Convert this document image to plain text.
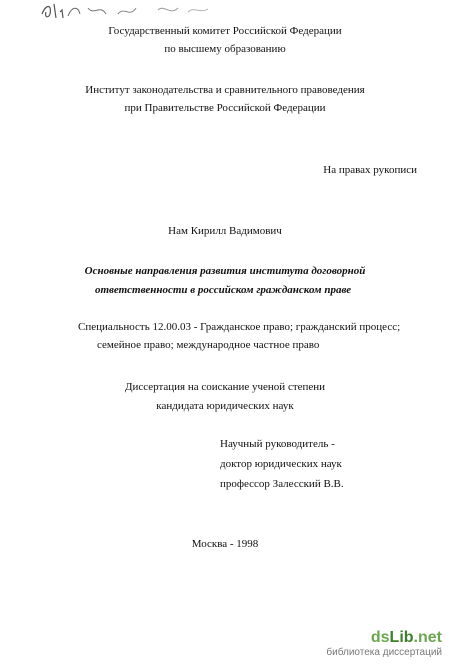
Государственный комитет Российской Федерации
по высшему образованию
Институт законодательства и сравнительного правоведения
при Правительстве Российской Федерации
На правах рукописи
Нам Кирилл Вадимович
Основные направления развития института договорной
ответственности в российском гражданском праве
Специальность 12.00.03 - Гражданское право; гражданский процесс;
семейное право; международное частное право
Диссертация на соискание ученой степени
кандидата юридических наук
Научный руководитель -
доктор юридических наук
профессор Залесский В.В.
Москва - 1998
dsLib.net
библиотека диссертаций
